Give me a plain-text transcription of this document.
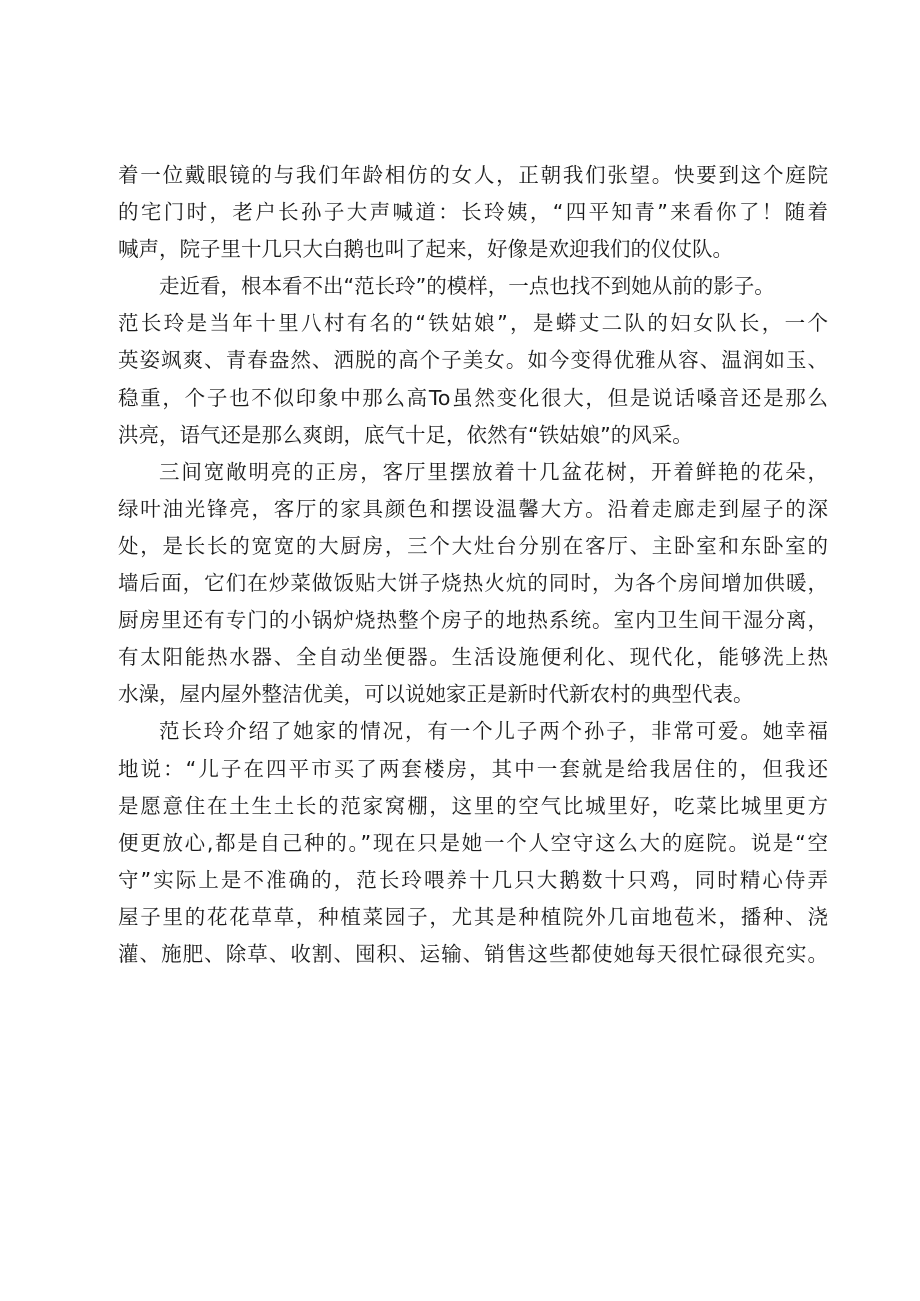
着一位戴眼镜的与我们年龄相仿的女人，正朝我们张望。快要到这个庭院
的宅门时，老户长孙子大声喊道：长玲姨，“四平知青”来看你了！随着
喊声，院子里十几只大白鹅也叫了起来，好像是欢迎我们的仪仗队。
走近看，根本看不出“范长玲”的模样，一点也找不到她从前的影子。
范长玲是当年十里八村有名的“铁姑娘”，是蟒丈二队的妇女队长，一个
英姿飒爽、青春盎然、洒脱的高个子美女。如今变得优雅从容、温润如玉、
稳重，个子也不似印象中那么高To虽然变化很大，但是说话嗓音还是那么
洪亮，语气还是那么爽朗，底气十足，依然有“铁姑娘”的风采。
三间宽敞明亮的正房，客厅里摆放着十几盆花树，开着鲜艳的花朵，
绿叶油光锋亮，客厅的家具颜色和摆设温馨大方。沿着走廊走到屋子的深
处，是长长的宽宽的大厨房，三个大灶台分别在客厅、主卧室和东卧室的
墙后面，它们在炒菜做饭贴大饼子烧热火炕的同时，为各个房间增加供暖，
厨房里还有专门的小锅炉烧热整个房子的地热系统。室内卫生间干湿分离，
有太阳能热水器、全自动坐便器。生活设施便利化、现代化，能够洗上热
水澡，屋内屋外整洁优美，可以说她家正是新时代新农村的典型代表。
范长玲介绍了她家的情况，有一个儿子两个孙子，非常可爱。她幸福
地说：“儿子在四平市买了两套楼房，其中一套就是给我居住的，但我还
是愿意住在土生土长的范家窝棚，这里的空气比城里好，吃菜比城里更方
便更放心,都是自己种的。”现在只是她一个人空守这么大的庭院。说是“空
守”实际上是不准确的，范长玲喂养十几只大鹅数十只鸡，同时精心侍弄
屋子里的花花草草，种植菜园子，尤其是种植院外几亩地苞米，播种、浇
灌、施肥、除草、收割、囤积、运输、销售这些都使她每天很忙碌很充实。
